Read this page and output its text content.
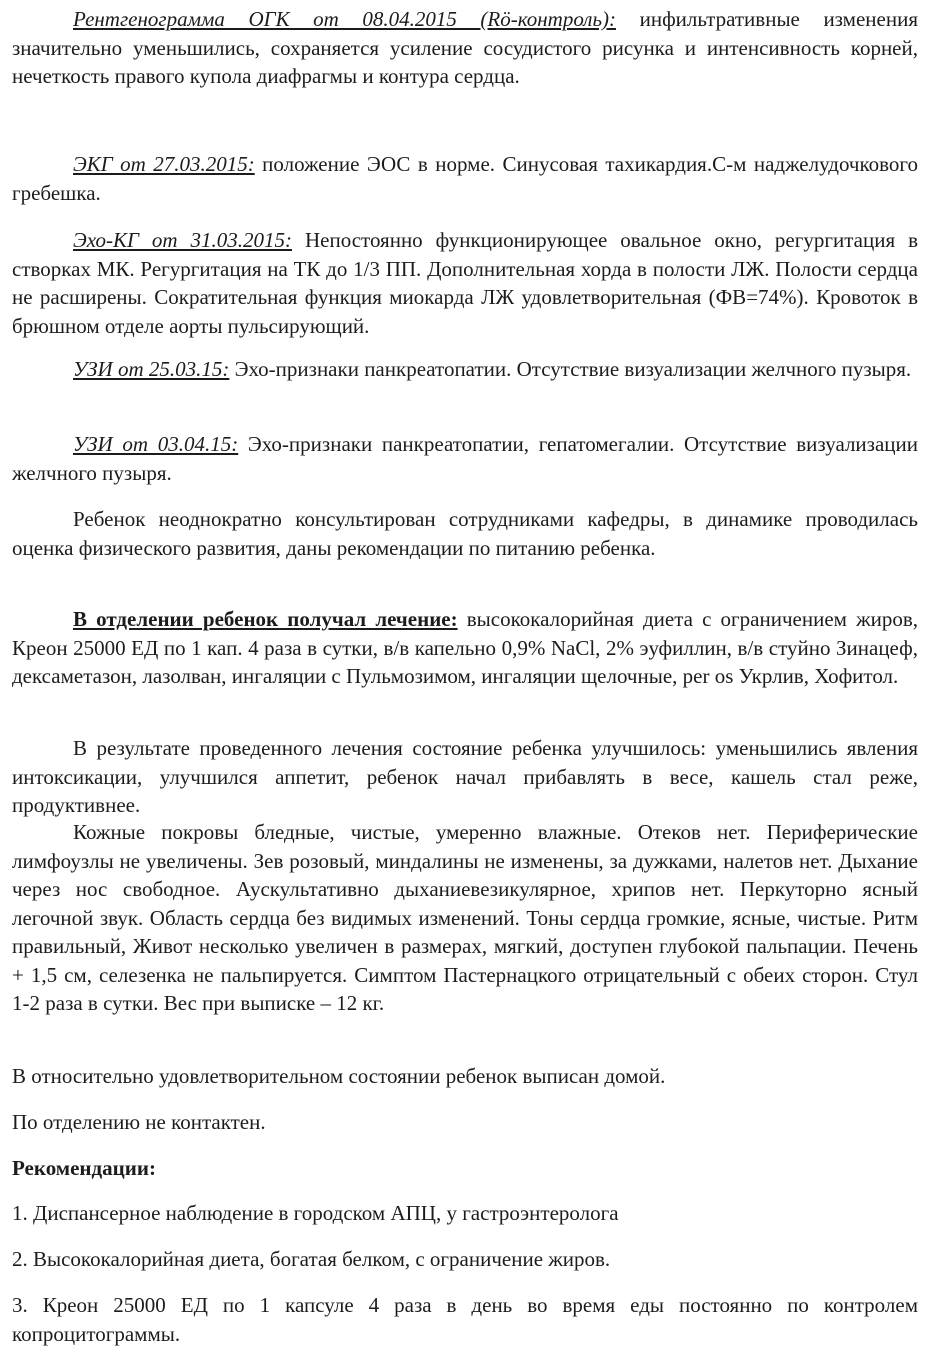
Рентгенограмма ОГК от 08.04.2015 (Rö-контроль): инфильтративные изменения значительно уменьшились, сохраняется усиление сосудистого рисунка и интенсивность корней, нечеткость правого купола диафрагмы и контура сердца.

ЭКГ от 27.03.2015: положение ЭОС в норме. Синусовая тахикардия.С-м наджелудочкового гребешка.

Эхо-КГ от 31.03.2015: Непостоянно функционирующее овальное окно, регургитация в створках МК. Регургитация на ТК до 1/3 ПП. Дополнительная хорда в полости ЛЖ. Полости сердца не расширены. Сократительная функция миокарда ЛЖ удовлетворительная (ФВ=74%). Кровоток в брюшном отделе аорты пульсирующий.

УЗИ от 25.03.15: Эхо-признаки панкреатопатии. Отсутствие визуализации желчного пузыря.

УЗИ от 03.04.15: Эхо-признаки панкреатопатии, гепатомегалии. Отсутствие визуализации желчного пузыря.

Ребенок неоднократно консультирован сотрудниками кафедры, в динамике проводилась оценка физического развития, даны рекомендации по питанию ребенка.

В отделении ребенок получал лечение: высококалорийная диета с ограничением жиров, Креон 25000 ЕД по 1 кап. 4 раза в сутки, в/в капельно 0,9% NaCl, 2% эуфиллин, в/в стуйно Зинацеф, дексаметазон, лазолван, ингаляции с Пульмозимом, ингаляции щелочные, per os Укрлив, Хофитол.

В результате проведенного лечения состояние ребенка улучшилось: уменьшились явления интоксикации, улучшился аппетит, ребенок начал прибавлять в весе, кашель стал реже, продуктивнее.

Кожные покровы бледные, чистые, умеренно влажные. Отеков нет. Периферические лимфоузлы не увеличены. Зев розовый, миндалины не изменены, за дужками, налетов нет. Дыхание через нос свободное. Аускультативно дыханиевезикулярное, хрипов нет. Перкуторно ясный легочной звук. Область сердца без видимых изменений. Тоны сердца громкие, ясные, чистые. Ритм правильный, Живот несколько увеличен в размерах, мягкий, доступен глубокой пальпации. Печень + 1,5 см, селезенка не пальпируется. Симптом Пастернацкого отрицательный с обеих сторон. Стул 1-2 раза в сутки. Вес при выписке – 12 кг.

В относительно удовлетворительном состоянии ребенок выписан домой.

По отделению не контактен.

Рекомендации:

1. Диспансерное наблюдение в городском АПЦ, у гастроэнтеролога

2. Высококалорийная диета, богатая белком, с ограничение жиров.

3. Креон 25000 ЕД по 1 капсуле 4 раза в день во время еды постоянно по контролем копроцитограммы.
